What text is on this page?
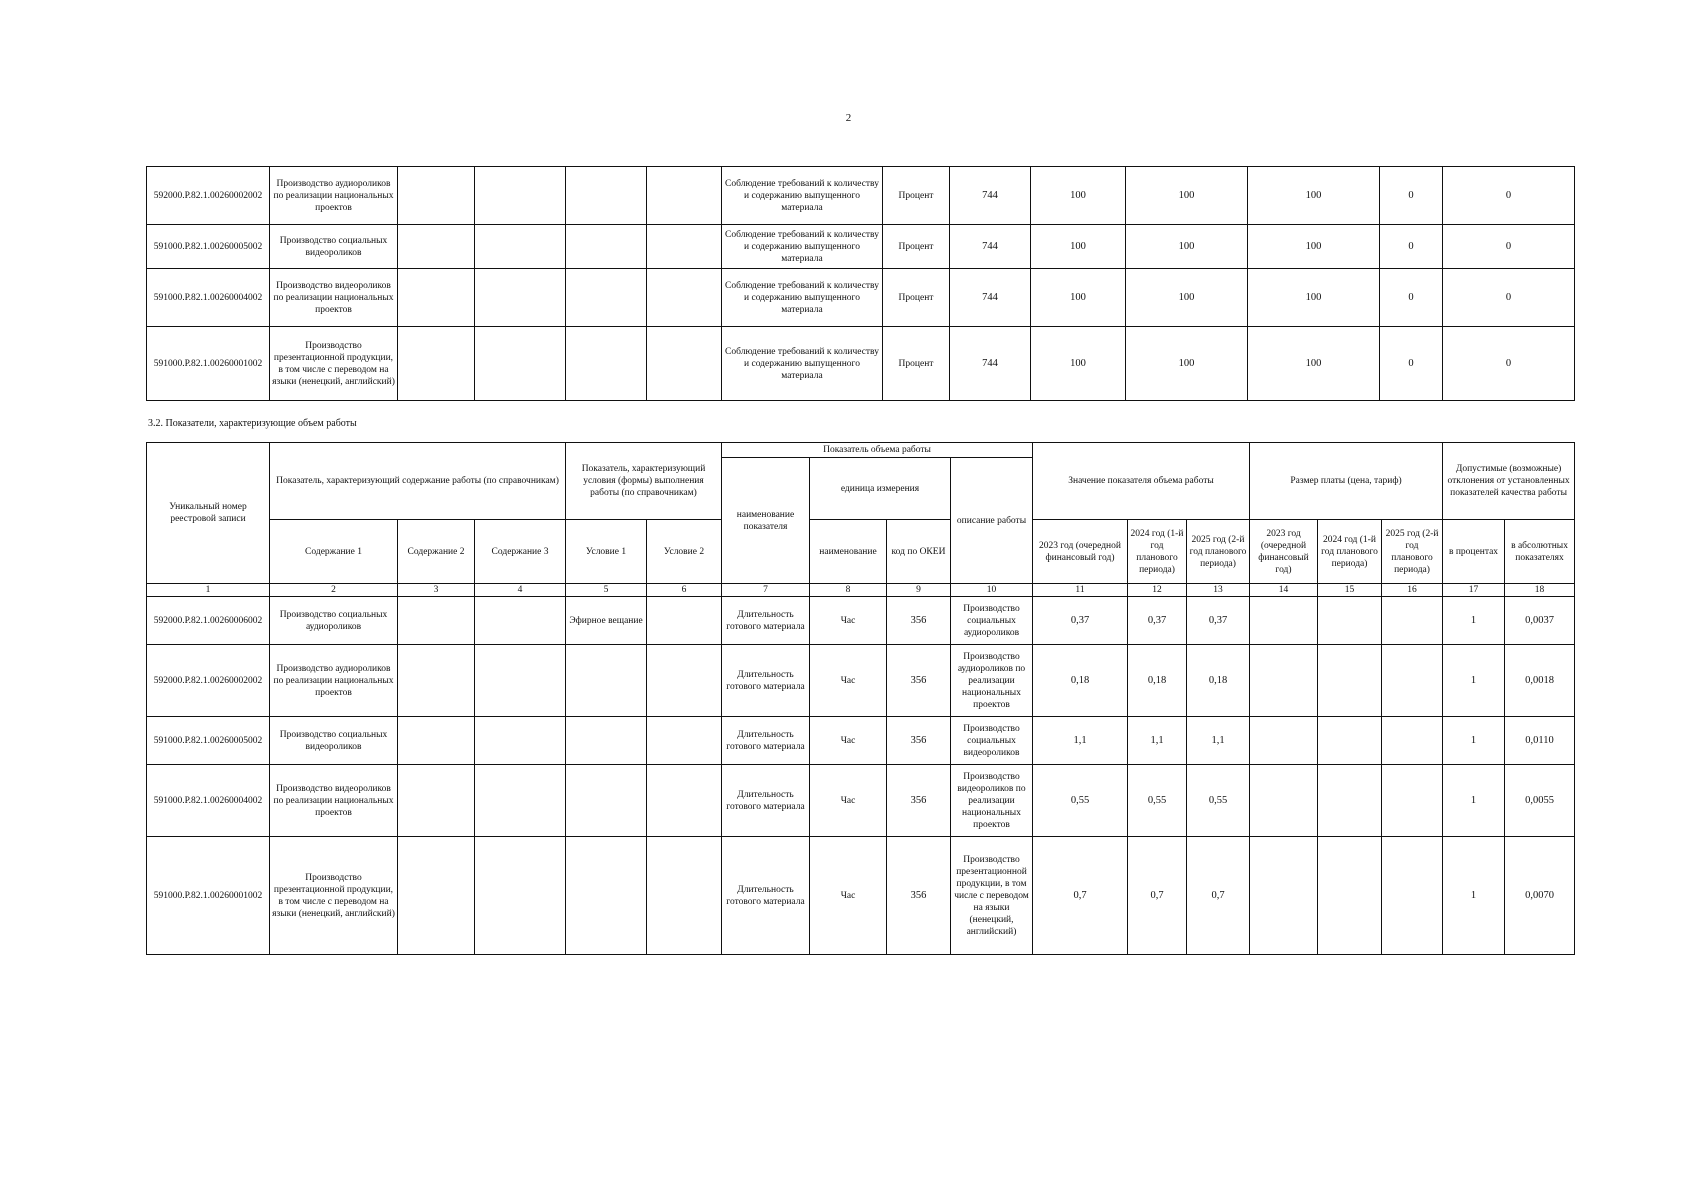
2
592000.Р.82.1.00260002002	Производство аудиороликов по реализации национальных проектов					Соблюдение требований к количеству и содержанию выпущенного материала	Процент	744	100	100	100	0	0
591000.Р.82.1.00260005002	Производство социальных видеороликов					Соблюдение требований к количеству и содержанию выпущенного материала	Процент	744	100	100	100	0	0
591000.Р.82.1.00260004002	Производство видеороликов по реализации национальных проектов					Соблюдение требований к количеству и содержанию выпущенного материала	Процент	744	100	100	100	0	0
591000.Р.82.1.00260001002	Производство презентационной продукции, в том числе с переводом на языки (ненецкий, английский)					Соблюдение требований к количеству и содержанию выпущенного материала	Процент	744	100	100	100	0	0
3.2. Показатели, характеризующие объем работы
Уникальный номер реестровой записи	Показатель, характеризующий содержание работы (по справочникам)			Показатель, характеризующий условия (формы) выполнения работы (по справочникам)		Показатель объема работы				Значение показателя объема работы			Размер платы (цена, тариф)			Допустимые (возможные) отклонения от установленных показателей качества работы	
						наименование показателя	единица измерения		описание работы								
	Содержание 1	Содержание 2	Содержание 3	Условие 1	Условие 2		наименование	код по ОКЕИ		2023 год (очередной финансовый год)	2024 год (1-й год планового периода)	2025 год (2-й год планового периода)	2023 год (очередной финансовый год)	2024 год (1-й год планового периода)	2025 год (2-й год планового периода)	в процентах	в абсолютных показателях
1	2	3	4	5	6	7	8	9	10	11	12	13	14	15	16	17	18
592000.Р.82.1.00260006002	Производство социальных аудиороликов			Эфирное вещание		Длительность готового материала	Час	356	Производство социальных аудиороликов	0,37	0,37	0,37				1	0,0037
592000.Р.82.1.00260002002	Производство аудиороликов по реализации национальных проектов					Длительность готового материала	Час	356	Производство аудиороликов по реализации национальных проектов	0,18	0,18	0,18				1	0,0018
591000.Р.82.1.00260005002	Производство социальных видеороликов					Длительность готового материала	Час	356	Производство социальных видеороликов	1,1	1,1	1,1				1	0,0110
591000.Р.82.1.00260004002	Производство видеороликов по реализации национальных проектов					Длительность готового материала	Час	356	Производство видеороликов по реализации национальных проектов	0,55	0,55	0,55				1	0,0055
591000.Р.82.1.00260001002	Производство презентационной продукции, в том числе с переводом на языки (ненецкий, английский)					Длительность готового материала	Час	356	Производство презентационной продукции, в том числе с переводом на языки (ненецкий, английский)	0,7	0,7	0,7				1	0,0070
